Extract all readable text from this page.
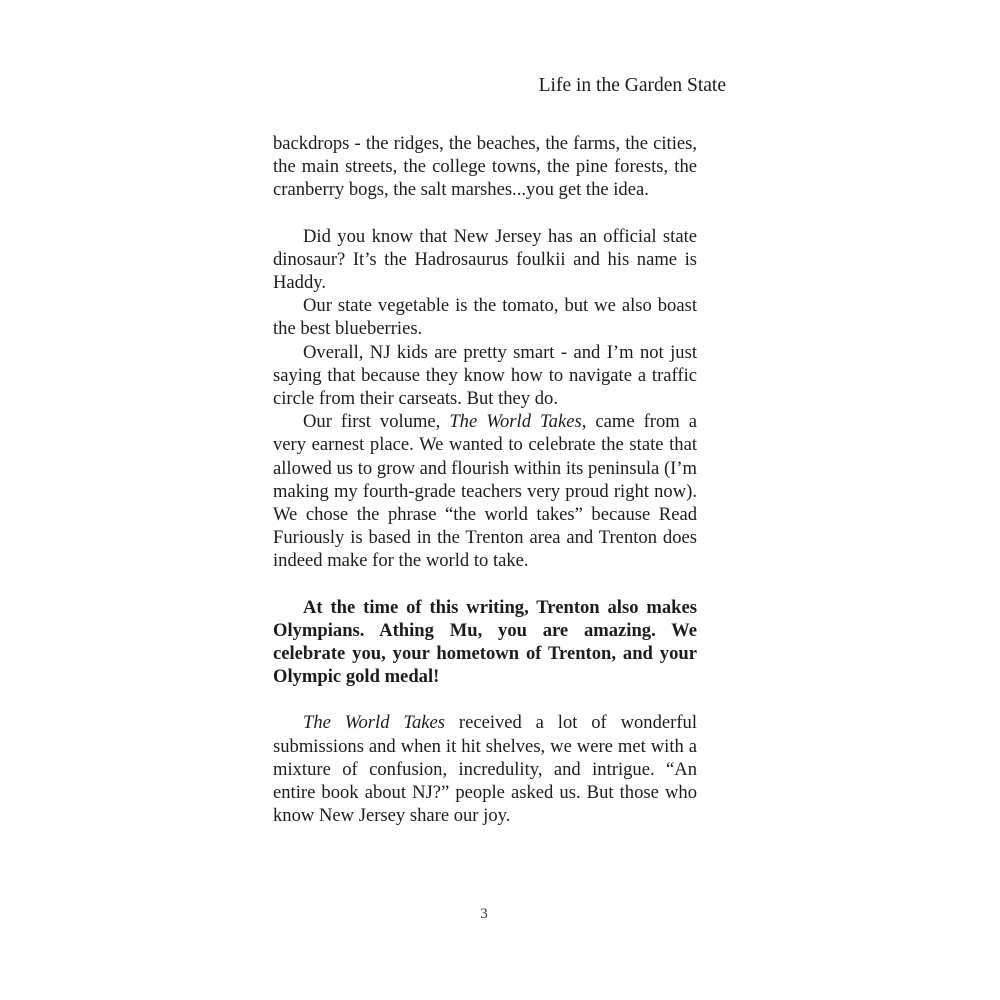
Life in the Garden State

backdrops - the ridges, the beaches, the farms, the cities, the main streets, the college towns, the pine forests, the cranberry bogs, the salt marshes...you get the idea.

Did you know that New Jersey has an official state dinosaur? It’s the Hadrosaurus foulkii and his name is Haddy.

Our state vegetable is the tomato, but we also boast the best blueberries.

Overall, NJ kids are pretty smart - and I’m not just saying that because they know how to navigate a traffic circle from their carseats. But they do.

Our first volume, The World Takes, came from a very earnest place. We wanted to celebrate the state that allowed us to grow and flourish within its peninsula (I’m making my fourth-grade teachers very proud right now). We chose the phrase “the world takes” because Read Furiously is based in the Trenton area and Trenton does indeed make for the world to take.

At the time of this writing, Trenton also makes Olympians. Athing Mu, you are amazing. We celebrate you, your hometown of Trenton, and your Olympic gold medal!

The World Takes received a lot of wonderful submissions and when it hit shelves, we were met with a mixture of confusion, incredulity, and intrigue. “An entire book about NJ?” people asked us. But those who know New Jersey share our joy.

3
